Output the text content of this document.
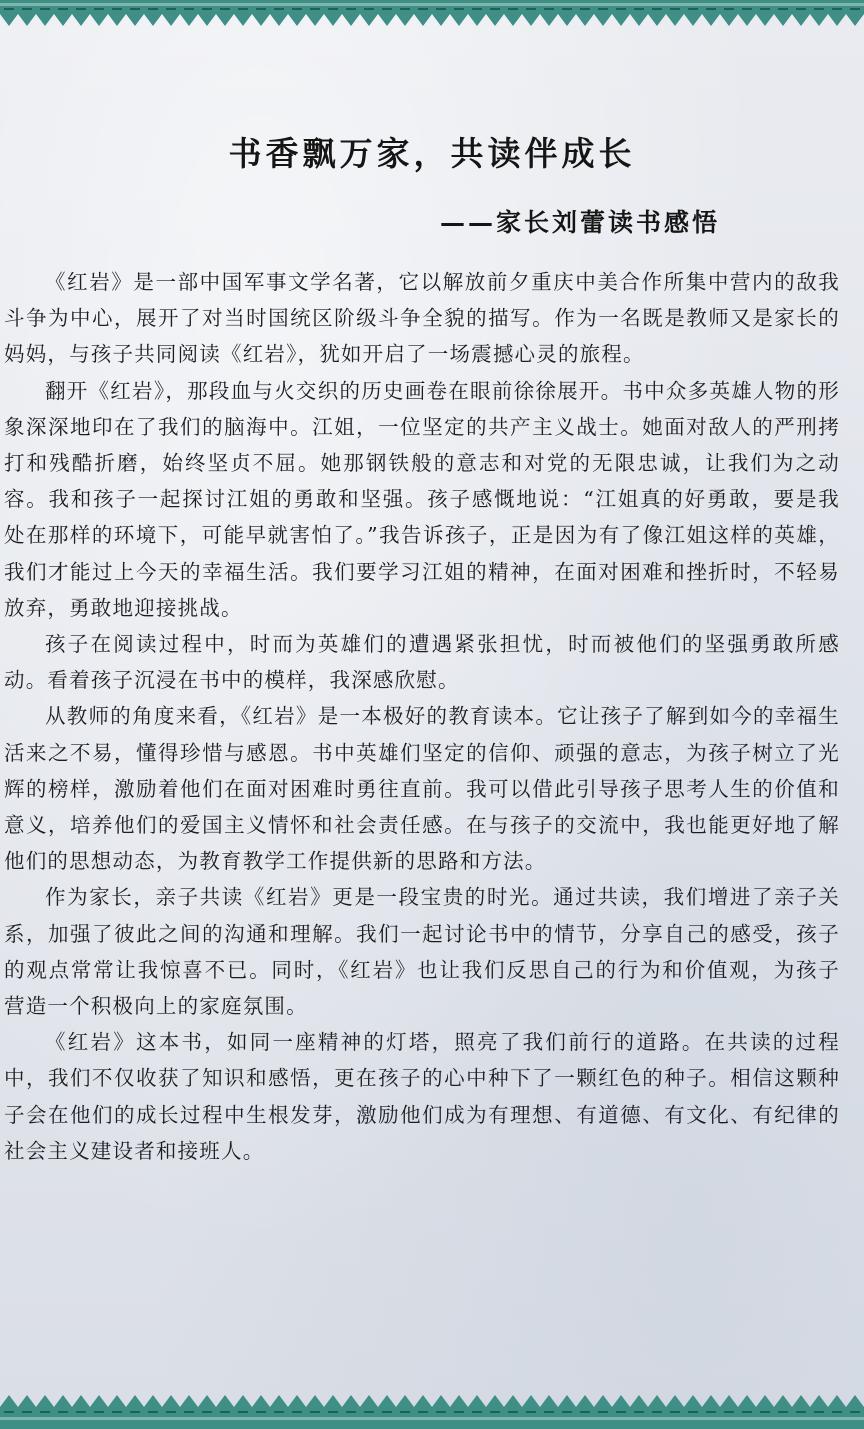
书香飘万家，共读伴成长
——家长刘蕾读书感悟

《红岩》是一部中国军事文学名著，它以解放前夕重庆中美合作所集中营内的敌我斗争为中心，展开了对当时国统区阶级斗争全貌的描写。作为一名既是教师又是家长的妈妈，与孩子共同阅读《红岩》，犹如开启了一场震撼心灵的旅程。

翻开《红岩》，那段血与火交织的历史画卷在眼前徐徐展开。书中众多英雄人物的形象深深地印在了我们的脑海中。江姐，一位坚定的共产主义战士。她面对敌人的严刑拷打和残酷折磨，始终坚贞不屈。她那钢铁般的意志和对党的无限忠诚，让我们为之动容。我和孩子一起探讨江姐的勇敢和坚强。孩子感慨地说：“江姐真的好勇敢，要是我处在那样的环境下，可能早就害怕了。”我告诉孩子，正是因为有了像江姐这样的英雄，我们才能过上今天的幸福生活。我们要学习江姐的精神，在面对困难和挫折时，不轻易放弃，勇敢地迎接挑战。

孩子在阅读过程中，时而为英雄们的遭遇紧张担忧，时而被他们的坚强勇敢所感动。看着孩子沉浸在书中的模样，我深感欣慰。

从教师的角度来看，《红岩》是一本极好的教育读本。它让孩子了解到如今的幸福生活来之不易，懂得珍惜与感恩。书中英雄们坚定的信仰、顽强的意志，为孩子树立了光辉的榜样，激励着他们在面对困难时勇往直前。我可以借此引导孩子思考人生的价值和意义，培养他们的爱国主义情怀和社会责任感。在与孩子的交流中，我也能更好地了解他们的思想动态，为教育教学工作提供新的思路和方法。

作为家长，亲子共读《红岩》更是一段宝贵的时光。通过共读，我们增进了亲子关系，加强了彼此之间的沟通和理解。我们一起讨论书中的情节，分享自己的感受，孩子的观点常常让我惊喜不已。同时，《红岩》也让我们反思自己的行为和价值观，为孩子营造一个积极向上的家庭氛围。

《红岩》这本书，如同一座精神的灯塔，照亮了我们前行的道路。在共读的过程中，我们不仅收获了知识和感悟，更在孩子的心中种下了一颗红色的种子。相信这颗种子会在他们的成长过程中生根发芽，激励他们成为有理想、有道德、有文化、有纪律的社会主义建设者和接班人。
